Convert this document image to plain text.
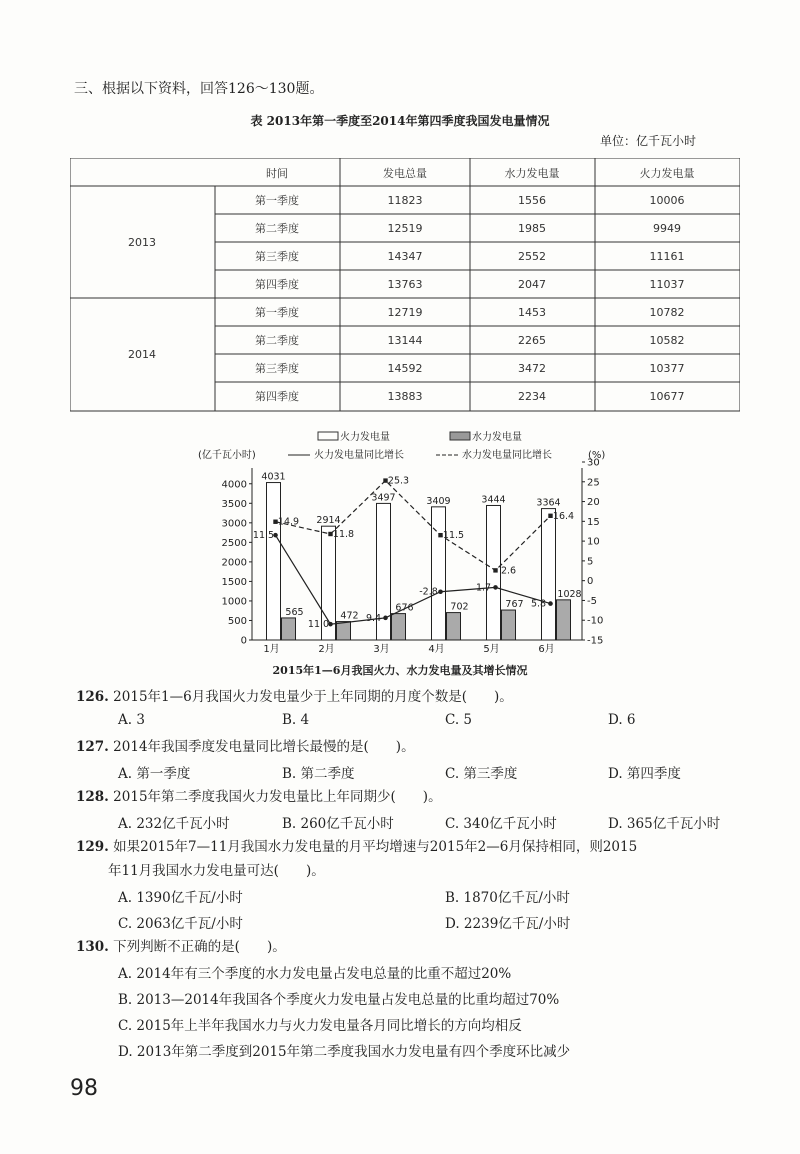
三、根据以下资料，回答126～130题。
表 2013年第一季度至2014年第四季度我国发电量情况
单位：亿千瓦小时
时间	发电总量	水力发电量	火力发电量
2013
第一季度	11823	1556	10006
第二季度	12519	1985	9949
第三季度	14347	2552	11161
第四季度	13763	2047	11037
2014
第一季度	12719	1453	10782
第二季度	13144	2265	10582
第三季度	14592	3472	10377
第四季度	13883	2234	10677
火力发电量	水力发电量
(亿千瓦小时)	火力发电量同比增长	水力发电量同比增长	(%)
0
500
1000
1500
2000
2500
3000
3500
4000
-15
-10
-5
0
5
10
15
20
25
30
1月	2月	3月	4月	5月	6月
4031
565
2914
472
3497
676
3409
702
3444
767
3364
1028
11.5
11.0
9.4
-2.8	1.7
5.8
14.9
11.8
25.3
11.5
2.6
16.4
2015年1—6月我国火力、水力发电量及其增长情况
126. 2015年1—6月我国火力发电量少于上年同期的月度个数是(　　)。
A. 3	B. 4	C. 5	D. 6
127. 2014年我国季度发电量同比增长最慢的是(　　)。
A. 第一季度	B. 第二季度	C. 第三季度	D. 第四季度
128. 2015年第二季度我国火力发电量比上年同期少(　　)。
A. 232亿千瓦小时	B. 260亿千瓦小时	C. 340亿千瓦小时	D. 365亿千瓦小时
129. 如果2015年7—11月我国水力发电量的月平均增速与2015年2—6月保持相同，则2015
年11月我国水力发电量可达(　　)。
A. 1390亿千瓦/小时	B. 1870亿千瓦/小时
C. 2063亿千瓦/小时	D. 2239亿千瓦/小时
130. 下列判断不正确的是(　　)。
A. 2014年有三个季度的水力发电量占发电总量的比重不超过20%
B. 2013—2014年我国各个季度火力发电量占发电总量的比重均超过70%
C. 2015年上半年我国水力与火力发电量各月同比增长的方向均相反
D. 2013年第二季度到2015年第二季度我国水力发电量有四个季度环比减少
98
